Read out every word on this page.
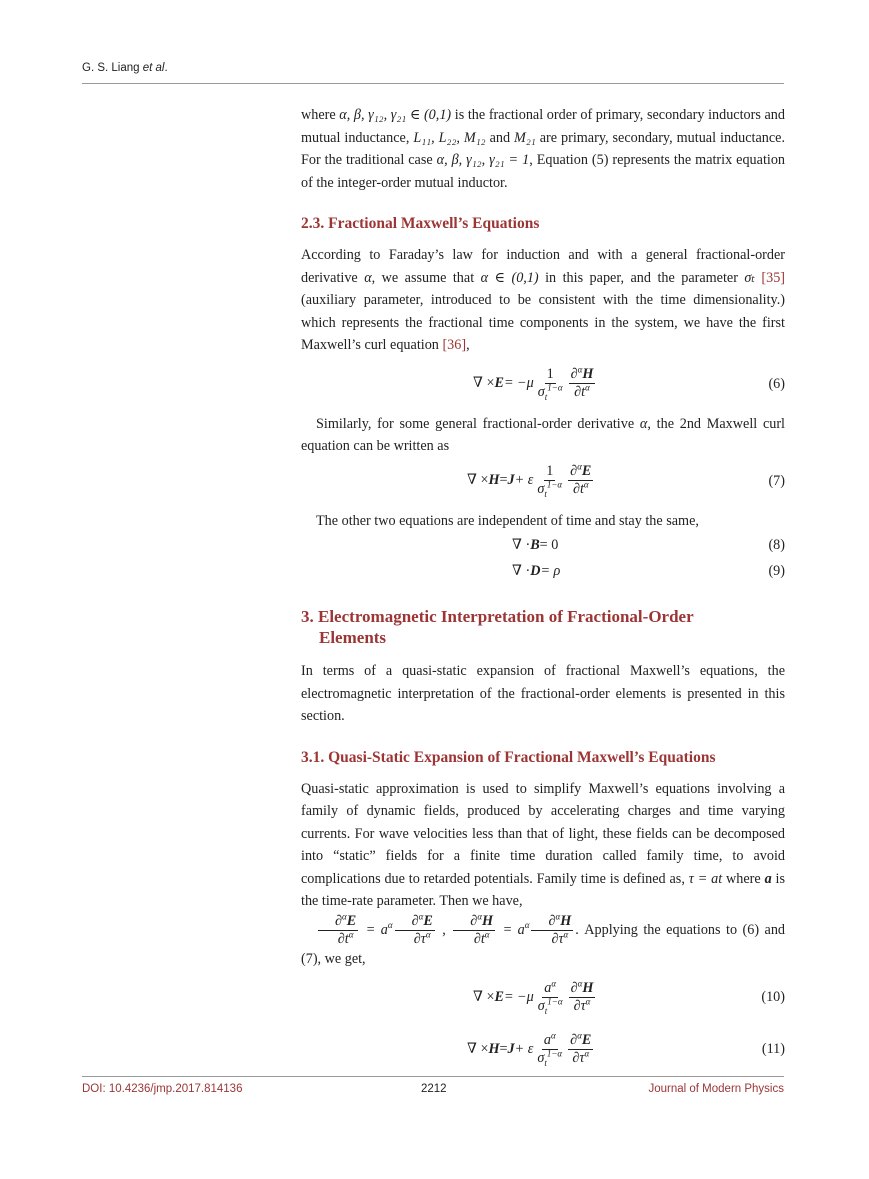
G. S. Liang et al.

where α, β, γ₁₂, γ₂₁ ∈ (0,1) is the fractional order of primary, secondary inductors and mutual inductance, L₁₁, L₂₂, M₁₂ and M₂₁ are primary, secondary, mutual inductance. For the traditional case α, β, γ₁₂, γ₂₁ = 1, Equation (5) represents the matrix equation of the integer-order mutual inductor.

2.3. Fractional Maxwell’s Equations

According to Faraday’s law for induction and with a general fractional-order derivative α, we assume that α ∈ (0,1) in this paper, and the parameter σₜ [35] (auxiliary parameter, introduced to be consistent with the time dimensionality.) which represents the fractional time components in the system, we have the first Maxwell’s curl equation [36],

∇ × $E = -\mu \frac{1}{\sigma_t^{1-\alpha}} \frac{\partial^\alpha H}{\partial t^\alpha}$	(6)

Similarly, for some general fractional-order derivative α, the 2nd Maxwell curl equation can be written as

∇ × H = J + ε $\frac{1}{\sigma_t^{1-\alpha}} \frac{\partial^\alpha E}{\partial t^\alpha}$	(7)

The other two equations are independent of time and stay the same,

∇ · B = 0	(8)
∇ · D = ρ	(9)
3. Electromagnetic Interpretation of Fractional-Order
Elements

In terms of a quasi-static expansion of fractional Maxwell’s equations, the electromagnetic interpretation of the fractional-order elements is presented in this section.

3.1. Quasi-Static Expansion of Fractional Maxwell’s Equations

Quasi-static approximation is used to simplify Maxwell’s equations involving a family of dynamic fields, produced by accelerating charges and time varying currents. For wave velocities less than that of light, these fields can be decomposed into “static” fields for a finite time duration called family time, to avoid complications due to retarded potentials. Family time is defined as, τ = at where a is the time-rate parameter. Then we have,

$\frac{\partial^\alpha E}{\partial t^\alpha} = a^\alpha \frac{\partial^\alpha E}{\partial\tau^\alpha}$ , $\frac{\partial^\alpha H}{\partial t^\alpha} = a^\alpha \frac{\partial^\alpha H}{\partial\tau^\alpha}$ . Applying the equations to (6) and (7), we get,

∇ × $E = -\mu \frac{a^\alpha}{\sigma_t^{1-\alpha}} \frac{\partial^\alpha H}{\partial\tau^\alpha}$	(10)
∇ × H = J + ε $\frac{a^\alpha}{\sigma_t^{1-\alpha}} \frac{\partial^\alpha E}{\partial\tau^\alpha}$	(11)
DOI: 10.4236/jmp.2017.814136	2212	Journal of Modern Physics
